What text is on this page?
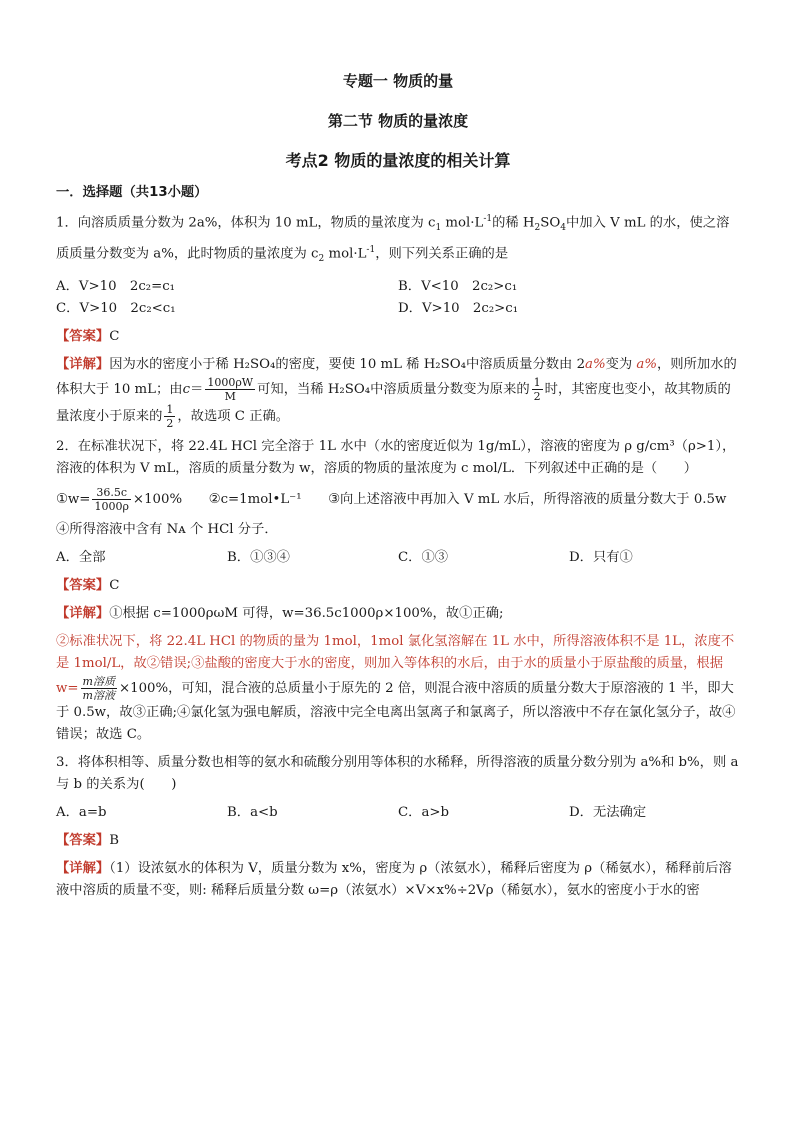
专题一 物质的量
第二节 物质的量浓度
考点2 物质的量浓度的相关计算
一．选择题（共13小题）

1．向溶质质量分数为 2a%，体积为 10 mL，物质的量浓度为 $c_1$ $mol\cdot L^{-1}$的稀 $H_2SO_4$中加入 V mL 的水，使之溶质质量分数变为 a%，此时物质的量浓度为 $c_2$ $mol\cdot L^{-1}$，则下列关系正确的是

A．V>10　2c₂=c₁	B．V<10　2c₂>c₁
C．V>10　2c₂<c₁	D．V>10　2c₂>c₁

【答案】C

【详解】因为水的密度小于稀 H₂SO₄的密度，要使 10 mL 稀 H₂SO₄中溶质质量分数由 2a%变为 a%，则所加水的体积大于 10 mL；由$c= \frac{1000\rho W}{M}$ 可知，当稀 H₂SO₄中溶质质量分数变为原来的 $\frac{1}{2}$ 时，其密度也变小，故其物质的量浓度小于原来的 $\frac{1}{2}$ ，故选项 C 正确。

2．在标准状况下，将 22.4L HCl 完全溶于 1L 水中（水的密度近似为 1g/mL），溶液的密度为 ρ g/cm³（ρ>1），溶液的体积为 V mL，溶质的质量分数为 w，溶质的物质的量浓度为 c mol/L．下列叙述中正确的是（　　）

①w= $\frac{36.5c}{1000\rho} \times 100\%$   ②c=1mol•L⁻¹   ③向上述溶液中再加入 V mL 水后，所得溶液的质量分数大于 0.5w

④所得溶液中含有 Nᴀ 个 HCl 分子．

A．全部	B．①③④	C．①③	D．只有①

【答案】C

【详解】①根据 c=1000ρωM 可得，w=36.5c1000ρ×100%，故①正确;

②标准状况下，将 22.4L HCl 的物质的量为 1mol，1mol 氯化氢溶解在 1L 水中，所得溶液体积不是 1L，浓度不是 1mol/L，故②错误;③盐酸的密度大于水的密度，则加入等体积的水后，由于水的质量小于原盐酸的质量，根据 $w= \frac{\text{m溶质}}{\text{m溶液}} \times 100\%$，可知，混合液的总质量小于原先的 2 倍，则混合液中溶质的质量分数大于原溶液的 1 半，即大于 0.5w，故③正确;④氯化氢为强电解质，溶液中完全电离出氢离子和氯离子，所以溶液中不存在氯化氢分子，故④错误；故选 C。

3．将体积相等、质量分数也相等的氨水和硫酸分别用等体积的水稀释，所得溶液的质量分数分别为 a%和 b%，则 a 与 b 的关系为(　　)

A．a=b	B．a<b	C．a>b	D．无法确定

【答案】B

【详解】（1）设浓氨水的体积为 V，质量分数为 x%，密度为 ρ（浓氨水），稀释后密度为 ρ（稀氨水），稀释前后溶液中溶质的质量不变，则: 稀释后质量分数 ω=ρ（浓氨水）×V×x%÷2Vρ（稀氨水），氨水的密度小于水的密
